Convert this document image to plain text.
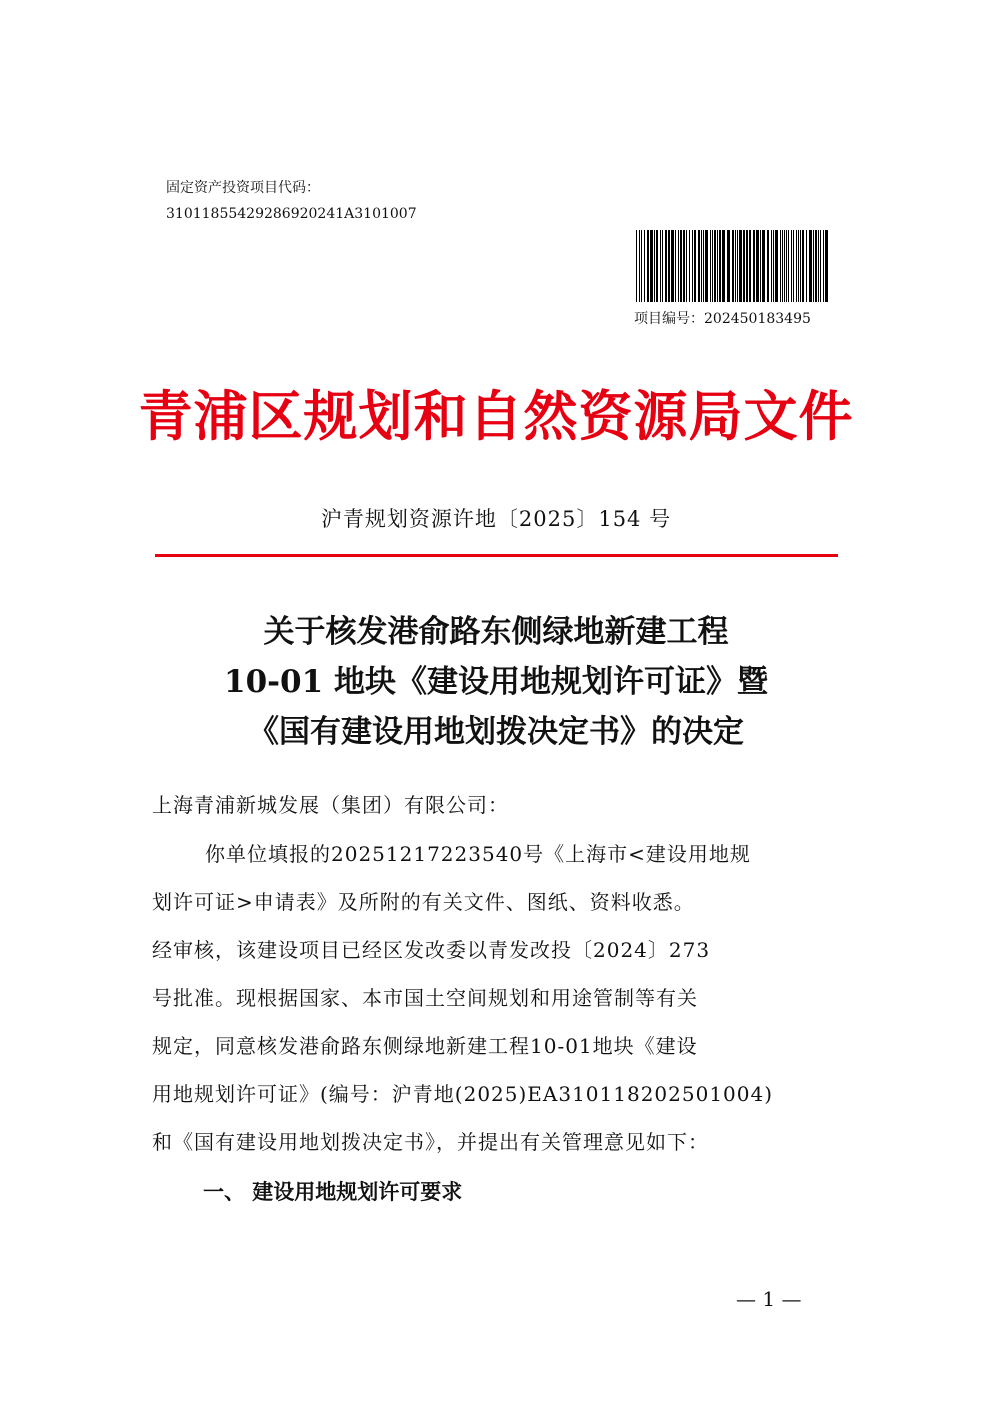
固定资产投资项目代码：
31011855429286920241A3101007
项目编号：202450183495
青浦区规划和自然资源局文件
沪青规划资源许地〔2025〕154 号
关于核发港俞路东侧绿地新建工程
10-01 地块《建设用地规划许可证》暨
《国有建设用地划拨决定书》的决定
上海青浦新城发展（集团）有限公司：
你单位填报的20251217223540号《上海市<建设用地规
划许可证>申请表》及所附的有关文件、图纸、资料收悉。
经审核，该建设项目已经区发改委以青发改投〔2024〕273
号批准。现根据国家、本市国土空间规划和用途管制等有关
规定，同意核发港俞路东侧绿地新建工程10-01地块《建设
用地规划许可证》(编号：沪青地(2025)EA310118202501004)
和《国有建设用地划拨决定书》，并提出有关管理意见如下：
一、 建设用地规划许可要求
— 1 —
